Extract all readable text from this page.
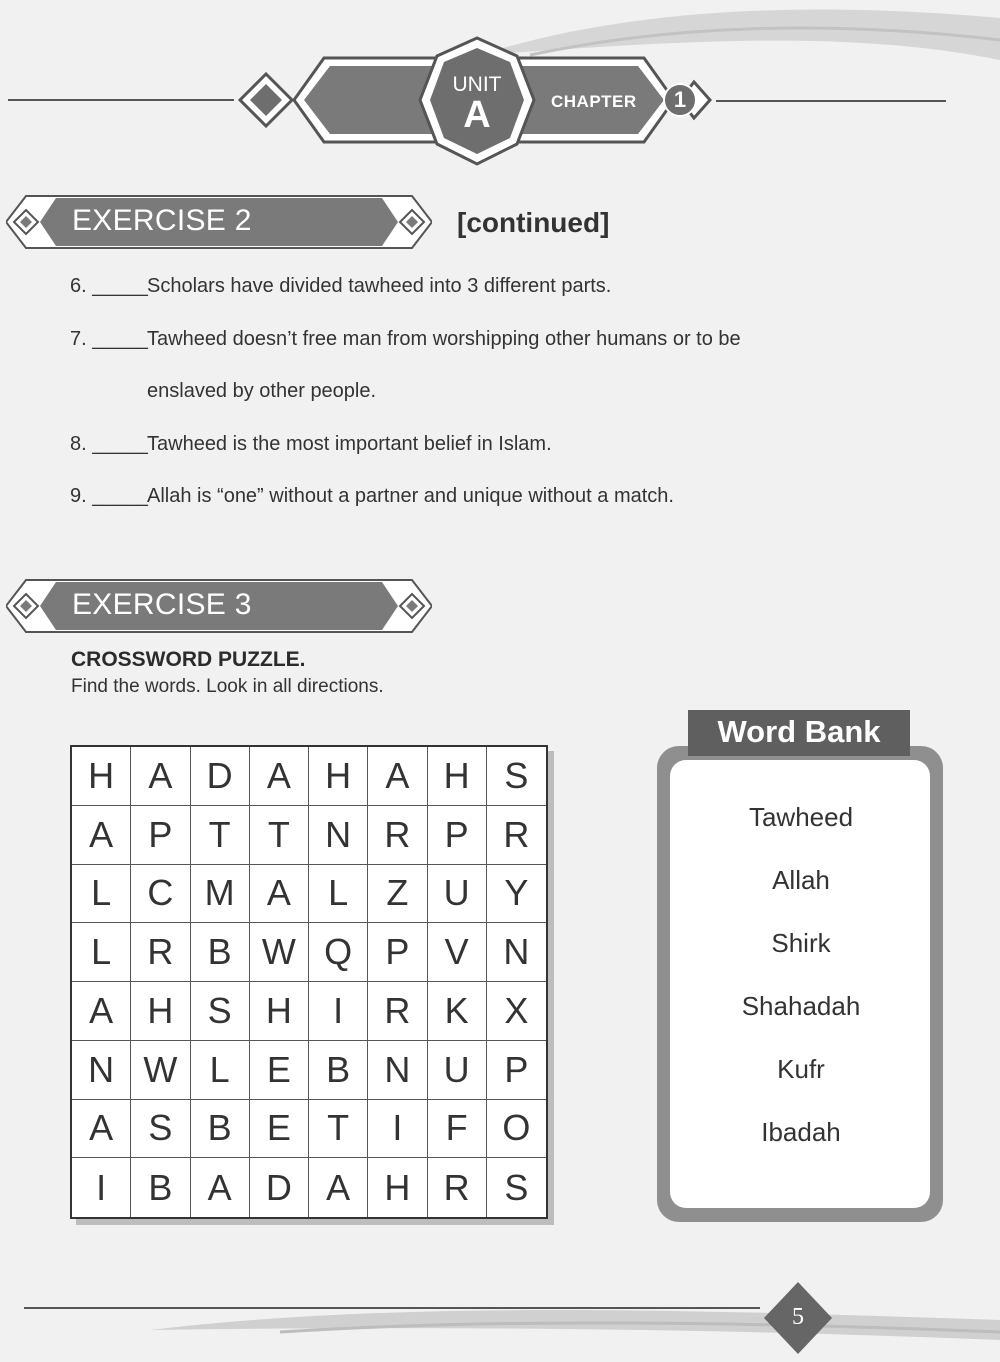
UNIT
A	CHAPTER 1
EXERCISE 2	[continued]
6. _____ Scholars have divided tawheed into 3 different parts.
7. _____ Tawheed doesn’t free man from worshipping other humans or to be
enslaved by other people.
8. _____ Tawheed is the most important belief in Islam.
9. _____ Allah is “one” without a partner and unique without a match.
EXERCISE 3
CROSSWORD PUZZLE.
Find the words. Look in all directions.
H A D A H A H S
A P	T	T N R P R
L	C M A	L	Z U Y
L	R B W Q P V N
A H S H	I	R K X
N W L	E B N U P
A S B E	T	I	F O
I	B A D A H R S
Word Bank
Tawheed
Allah
Shirk
Shahadah
Kufr
Ibadah
5
